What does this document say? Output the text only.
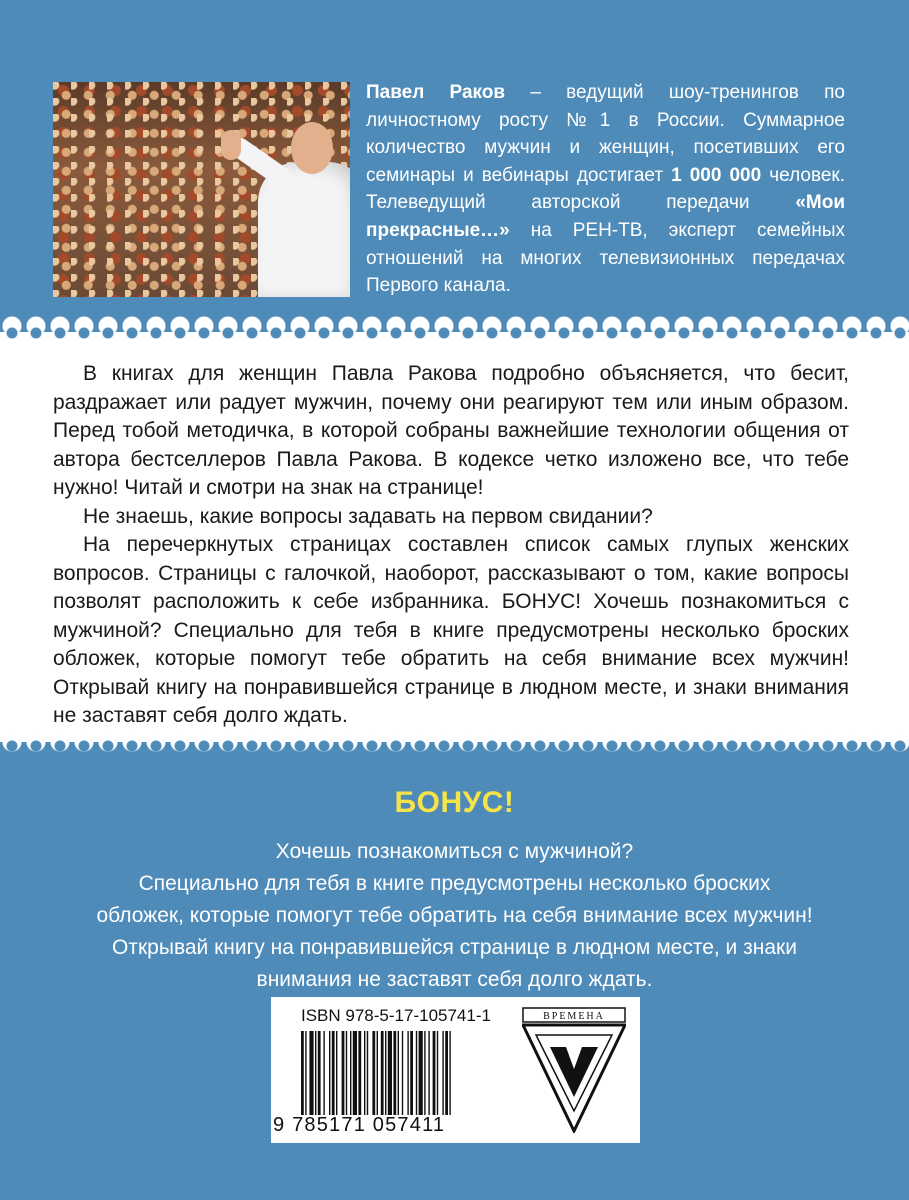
Павел Раков – ведущий шоу-тренингов по личностному росту №1 в России. Суммарное количество мужчин и женщин, посетивших его семинары и вебинары достигает 1 000 000 человек. Телеведущий авторской передачи «Мои прекрасные…» на РЕН-ТВ, эксперт семейных отношений на многих телевизионных передачах Первого канала.

В книгах для женщин Павла Ракова подробно объясняется, что бесит, раздражает или радует мужчин, почему они реагируют тем или иным образом. Перед тобой методичка, в которой собраны важнейшие технологии общения от автора бестселлеров Павла Ракова. В кодексе четко изложено все, что тебе нужно! Читай и смотри на знак на странице!

Не знаешь, какие вопросы задавать на первом свидании?

На перечеркнутых страницах составлен список самых глупых женских вопросов. Страницы с галочкой, наоборот, рассказывают о том, какие вопросы позволят расположить к себе избранника. БОНУС! Хочешь познакомиться с мужчиной? Специально для тебя в книге предусмотрены несколько броских обложек, которые помогут тебе обратить на себя внимание всех мужчин! Открывай книгу на понравившейся странице в людном месте, и знаки внимания не заставят себя долго ждать.

БОНУС!
Хочешь познакомиться с мужчиной?
Специально для тебя в книге предусмотрены несколько броских
обложек, которые помогут тебе обратить на себя внимание всех мужчин!
Открывай книгу на понравившейся странице в людном месте, и знаки
внимания не заставят себя долго ждать.
ISBN 978-5-17-105741-1
9 785171 057411
ВРЕМЕНА
